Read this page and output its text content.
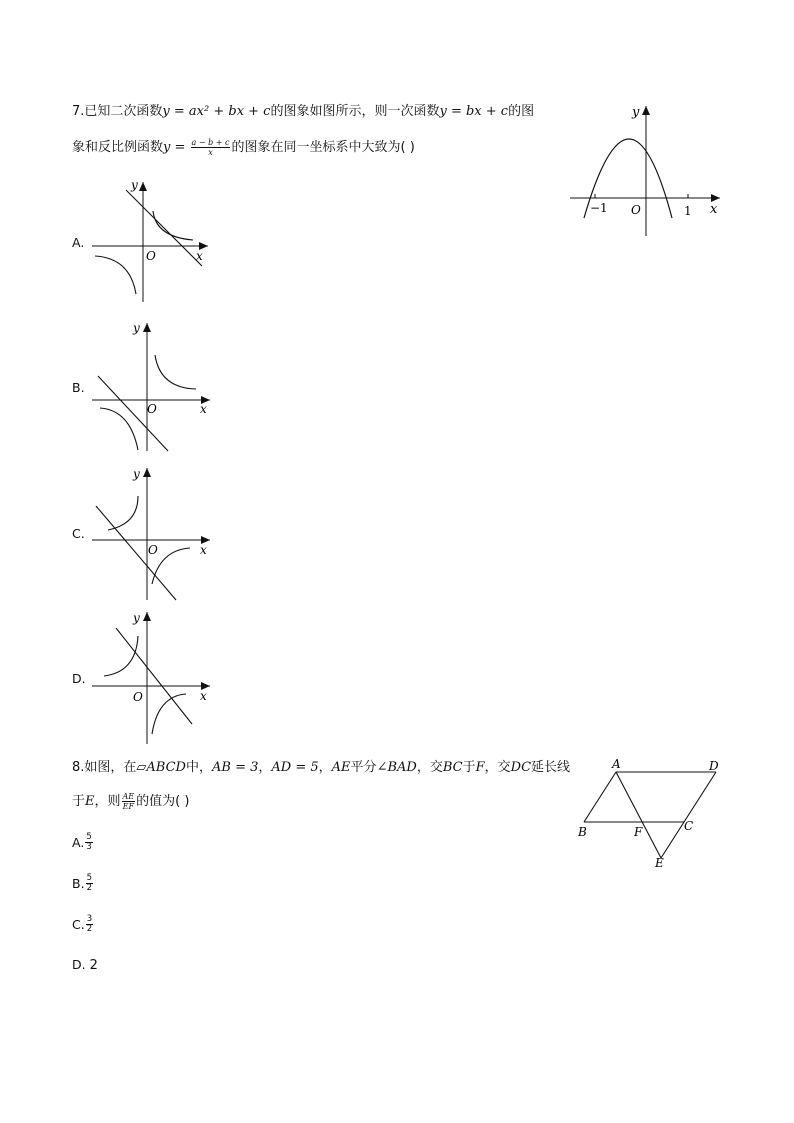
7.已知二次函数y = ax² + bx + c的图象如图所示，则一次函数y = bx + c的图
象和反比例函数$y = \frac{a - b + c}{x}$ 的图象在同一坐标系中大致为( )
y
x
O
−1	1
A.
y
x
O
B.
y
x
O
C.
y
x
O
D.
y
x
O
8.如图，在▱ABCD中，AB = 3，AD = 5，AE平分∠BAD，交BC于F，交DC延长线
于E，则 $\frac{AE}{EF}$ 的值为( )
A	D
B	F	C
E
A. $\frac{5}{3}$
B. $\frac{5}{2}$
C. $\frac{3}{2}$
D. 2
